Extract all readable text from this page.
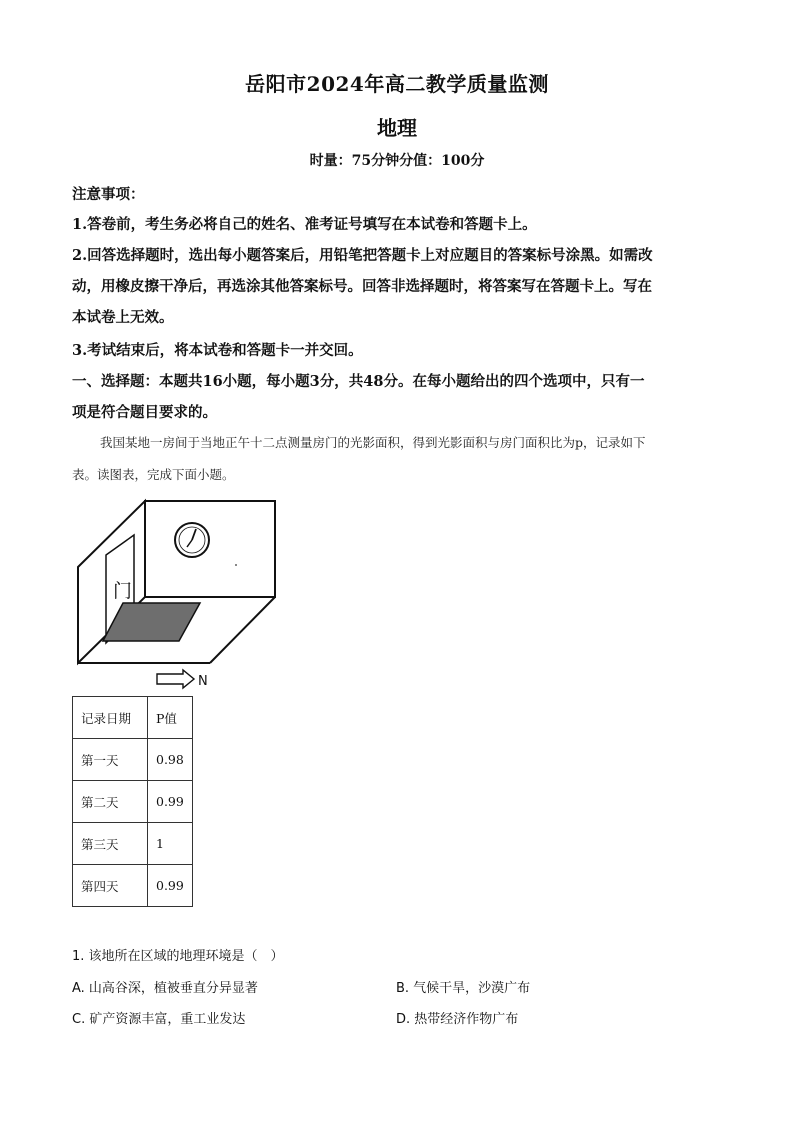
岳阳市2024年高二教学质量监测
地理
时量：75分钟分值：100分
注意事项：
1.答卷前，考生务必将自己的姓名、准考证号填写在本试卷和答题卡上。
2.回答选择题时，选出每小题答案后，用铅笔把答题卡上对应题目的答案标号涂黑。如需改
动，用橡皮擦干净后，再选涂其他答案标号。回答非选择题时，将答案写在答题卡上。写在
本试卷上无效。
3.考试结束后，将本试卷和答题卡一并交回。
一、选择题：本题共16小题，每小题3分，共48分。在每小题给出的四个选项中，只有一
项是符合题目要求的。
我国某地一房间于当地正午十二点测量房门的光影面积，得到光影面积与房门面积比为p，记录如下
表。读图表，完成下面小题。
门
N
记录日期	P值
第一天	0.98
第二天	0.99
第三天	1
第四天	0.99
1. 该地所在区域的地理环境是（　）
A. 山高谷深，植被垂直分异显著	B. 气候干旱，沙漠广布
C. 矿产资源丰富，重工业发达	D. 热带经济作物广布
